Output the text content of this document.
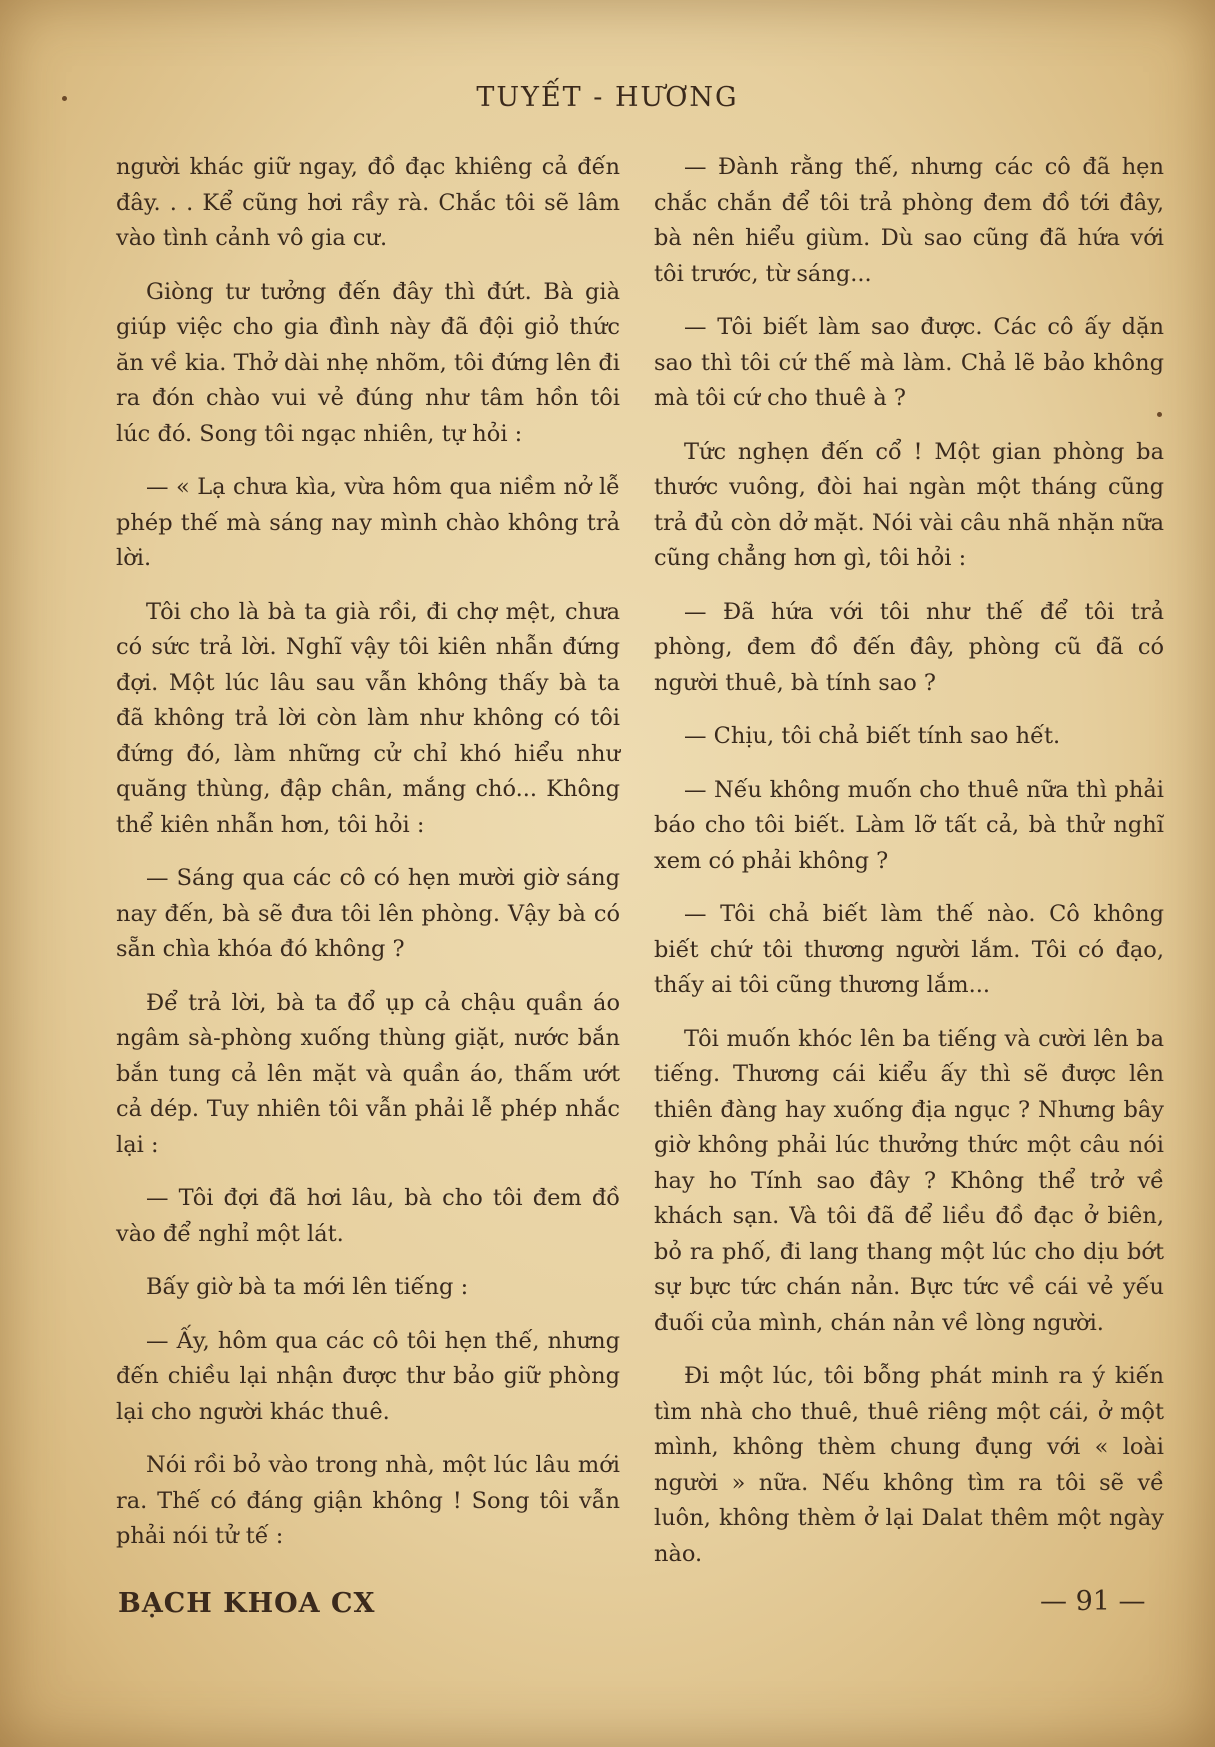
TUYẾT - HƯƠNG

người khác giữ ngay, đồ đạc khiêng cả đến đây. . . Kể cũng hơi rầy rà. Chắc tôi sẽ lâm vào tình cảnh vô gia cư.

Giòng tư tưởng đến đây thì đứt. Bà già giúp việc cho gia đình này đã đội giỏ thức ăn về kia. Thở dài nhẹ nhõm, tôi đứng lên đi ra đón chào vui vẻ đúng như tâm hồn tôi lúc đó. Song tôi ngạc nhiên, tự hỏi :

— « Lạ chưa kìa, vừa hôm qua niềm nở lễ phép thế mà sáng nay mình chào không trả lời.

Tôi cho là bà ta già rồi, đi chợ mệt, chưa có sức trả lời. Nghĩ vậy tôi kiên nhẫn đứng đợi. Một lúc lâu sau vẫn không thấy bà ta đã không trả lời còn làm như không có tôi đứng đó, làm những cử chỉ khó hiểu như quăng thùng, đập chân, mắng chó... Không thể kiên nhẫn hơn, tôi hỏi :

— Sáng qua các cô có hẹn mười giờ sáng nay đến, bà sẽ đưa tôi lên phòng. Vậy bà có sẵn chìa khóa đó không ?

Để trả lời, bà ta đổ ụp cả chậu quần áo ngâm sà-phòng xuống thùng giặt, nước bắn bắn tung cả lên mặt và quần áo, thấm ướt cả dép. Tuy nhiên tôi vẫn phải lễ phép nhắc lại :

— Tôi đợi đã hơi lâu, bà cho tôi đem đồ vào để nghỉ một lát.

Bấy giờ bà ta mới lên tiếng :

— Ấy, hôm qua các cô tôi hẹn thế, nhưng đến chiều lại nhận được thư bảo giữ phòng lại cho người khác thuê.

Nói rồi bỏ vào trong nhà, một lúc lâu mới ra. Thế có đáng giận không ! Song tôi vẫn phải nói tử tế :

— Đành rằng thế, nhưng các cô đã hẹn chắc chắn để tôi trả phòng đem đồ tới đây, bà nên hiểu giùm. Dù sao cũng đã hứa với tôi trước, từ sáng...

— Tôi biết làm sao được. Các cô ấy dặn sao thì tôi cứ thế mà làm. Chả lẽ bảo không mà tôi cứ cho thuê à ?

Tức nghẹn đến cổ ! Một gian phòng ba thước vuông, đòi hai ngàn một tháng cũng trả đủ còn dở mặt. Nói vài câu nhã nhặn nữa cũng chẳng hơn gì, tôi hỏi :

— Đã hứa với tôi như thế để tôi trả phòng, đem đồ đến đây, phòng cũ đã có người thuê, bà tính sao ?

— Chịu, tôi chả biết tính sao hết.

— Nếu không muốn cho thuê nữa thì phải báo cho tôi biết. Làm lỡ tất cả, bà thử nghĩ xem có phải không ?

— Tôi chả biết làm thế nào. Cô không biết chứ tôi thương người lắm. Tôi có đạo, thấy ai tôi cũng thương lắm...

Tôi muốn khóc lên ba tiếng và cười lên ba tiếng. Thương cái kiểu ấy thì sẽ được lên thiên đàng hay xuống địa ngục ? Nhưng bây giờ không phải lúc thưởng thức một câu nói hay ho Tính sao đây ? Không thể trở về khách sạn. Và tôi đã để liều đồ đạc ở biên, bỏ ra phố, đi lang thang một lúc cho dịu bớt sự bực tức chán nản. Bực tức về cái vẻ yếu đuối của mình, chán nản về lòng người.

Đi một lúc, tôi bỗng phát minh ra ý kiến tìm nhà cho thuê, thuê riêng một cái, ở một mình, không thèm chung đụng với « loài người » nữa. Nếu không tìm ra tôi sẽ về luôn, không thèm ở lại Dalat thêm một ngày nào.

BẠCH KHOA CX	— 91 —
